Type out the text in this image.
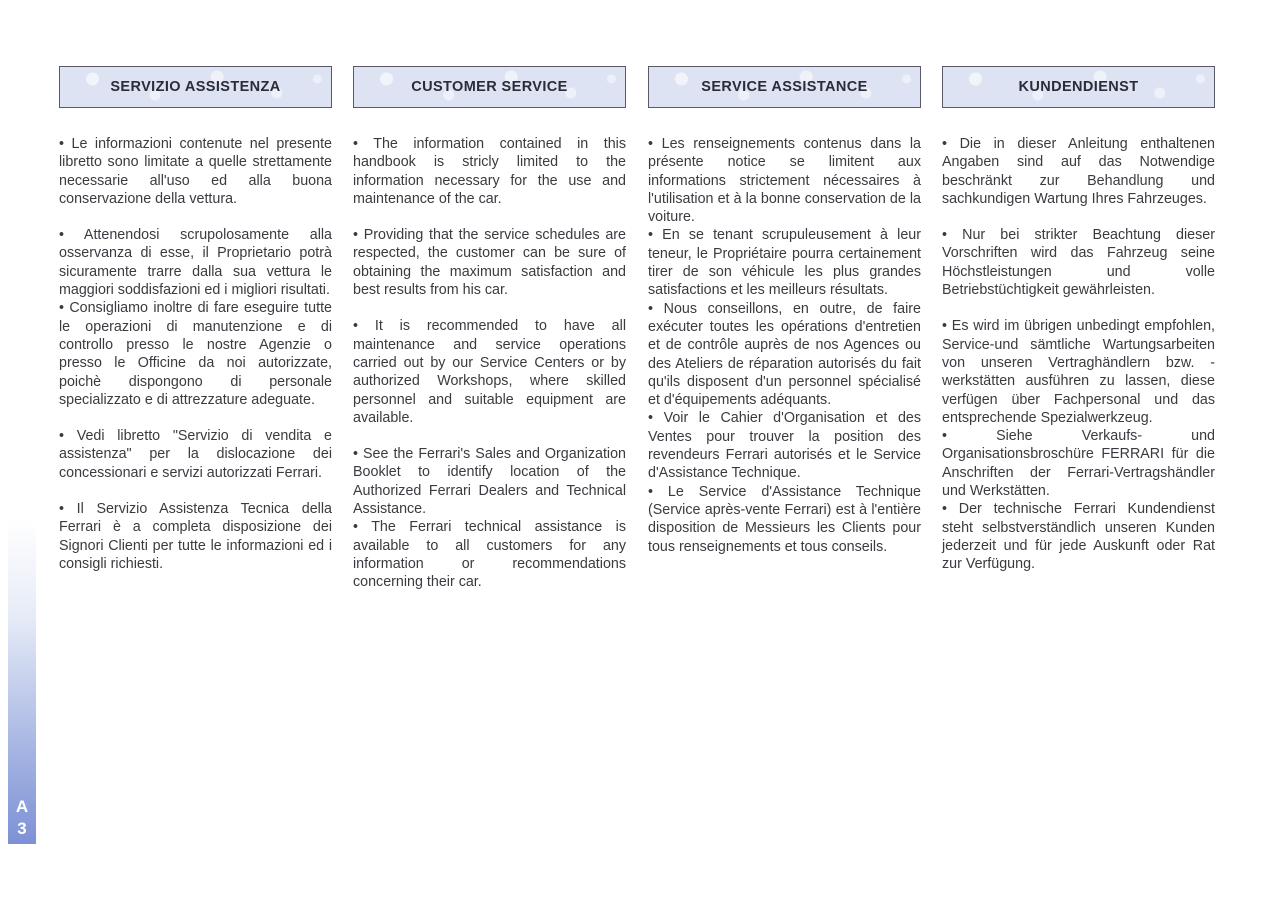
A
3
SERVIZIO ASSISTENZA

• Le informazioni contenute nel presente libretto sono limitate a quelle strettamente necessarie all'uso ed alla buona conservazione della vettura.

• Attenendosi scrupolosamente alla osservanza di esse, il Proprietario potrà sicuramente trarre dalla sua vettura le maggiori soddisfazioni ed i migliori risultati.

• Consigliamo inoltre di fare eseguire tutte le operazioni di manutenzione e di controllo presso le nostre Agenzie o presso le Officine da noi autorizzate, poichè dispongono di personale specializzato e di attrezzature adeguate.

• Vedi libretto "Servizio di vendita e assistenza" per la dislocazione dei concessionari e servizi autorizzati Ferrari.

• Il Servizio Assistenza Tecnica della Ferrari è a completa disposizione dei Signori Clienti per tutte le informazioni ed i consigli richiesti.

CUSTOMER SERVICE

• The information contained in this handbook is stricly limited to the information necessary for the use and maintenance of the car.

• Providing that the service schedules are respected, the customer can be sure of obtaining the maximum satisfaction and best results from his car.

• It is recommended to have all maintenance and service operations carried out by our Service Centers or by authorized Workshops, where skilled personnel and suitable equipment are available.

• See the Ferrari's Sales and Organization Booklet to identify location of the Authorized Ferrari Dealers and Technical Assistance.

• The Ferrari technical assistance is available to all customers for any information or recommendations concerning their car.

SERVICE ASSISTANCE

• Les renseignements contenus dans la présente notice se limitent aux informations strictement nécessaires à l'utilisation et à la bonne conservation de la voiture.

• En se tenant scrupuleusement à leur teneur, le Propriétaire pourra certainement tirer de son véhicule les plus grandes satisfactions et les meilleurs résultats.

• Nous conseillons, en outre, de faire exécuter toutes les opérations d'entretien et de contrôle auprès de nos Agences ou des Ateliers de réparation autorisés du fait qu'ils disposent d'un personnel spécialisé et d'équipements adéquants.

• Voir le Cahier d'Organisation et des Ventes pour trouver la position des revendeurs Ferrari autorisés et le Service d'Assistance Technique.

• Le Service d'Assistance Technique (Service après-vente Ferrari) est à l'entière disposition de Messieurs les Clients pour tous renseignements et tous conseils.

KUNDENDIENST

• Die in dieser Anleitung enthaltenen Angaben sind auf das Notwendige beschränkt zur Behandlung und sachkundigen Wartung Ihres Fahrzeuges.

• Nur bei strikter Beachtung dieser Vorschriften wird das Fahrzeug seine Höchstleistungen und volle Betriebstüchtigkeit gewährleisten.

• Es wird im übrigen unbedingt empfohlen, Service-und sämtliche Wartungsarbeiten von unseren Vertraghändlern bzw. -werkstätten ausführen zu lassen, diese verfügen über Fachpersonal und das entsprechende Spezialwerkzeug.

• Siehe Verkaufs- und Organisationsbroschüre FERRARI für die Anschriften der Ferrari-Vertragshändler und Werkstätten.

• Der technische Ferrari Kundendienst steht selbstverständlich unseren Kunden jederzeit und für jede Auskunft oder Rat zur Verfügung.
